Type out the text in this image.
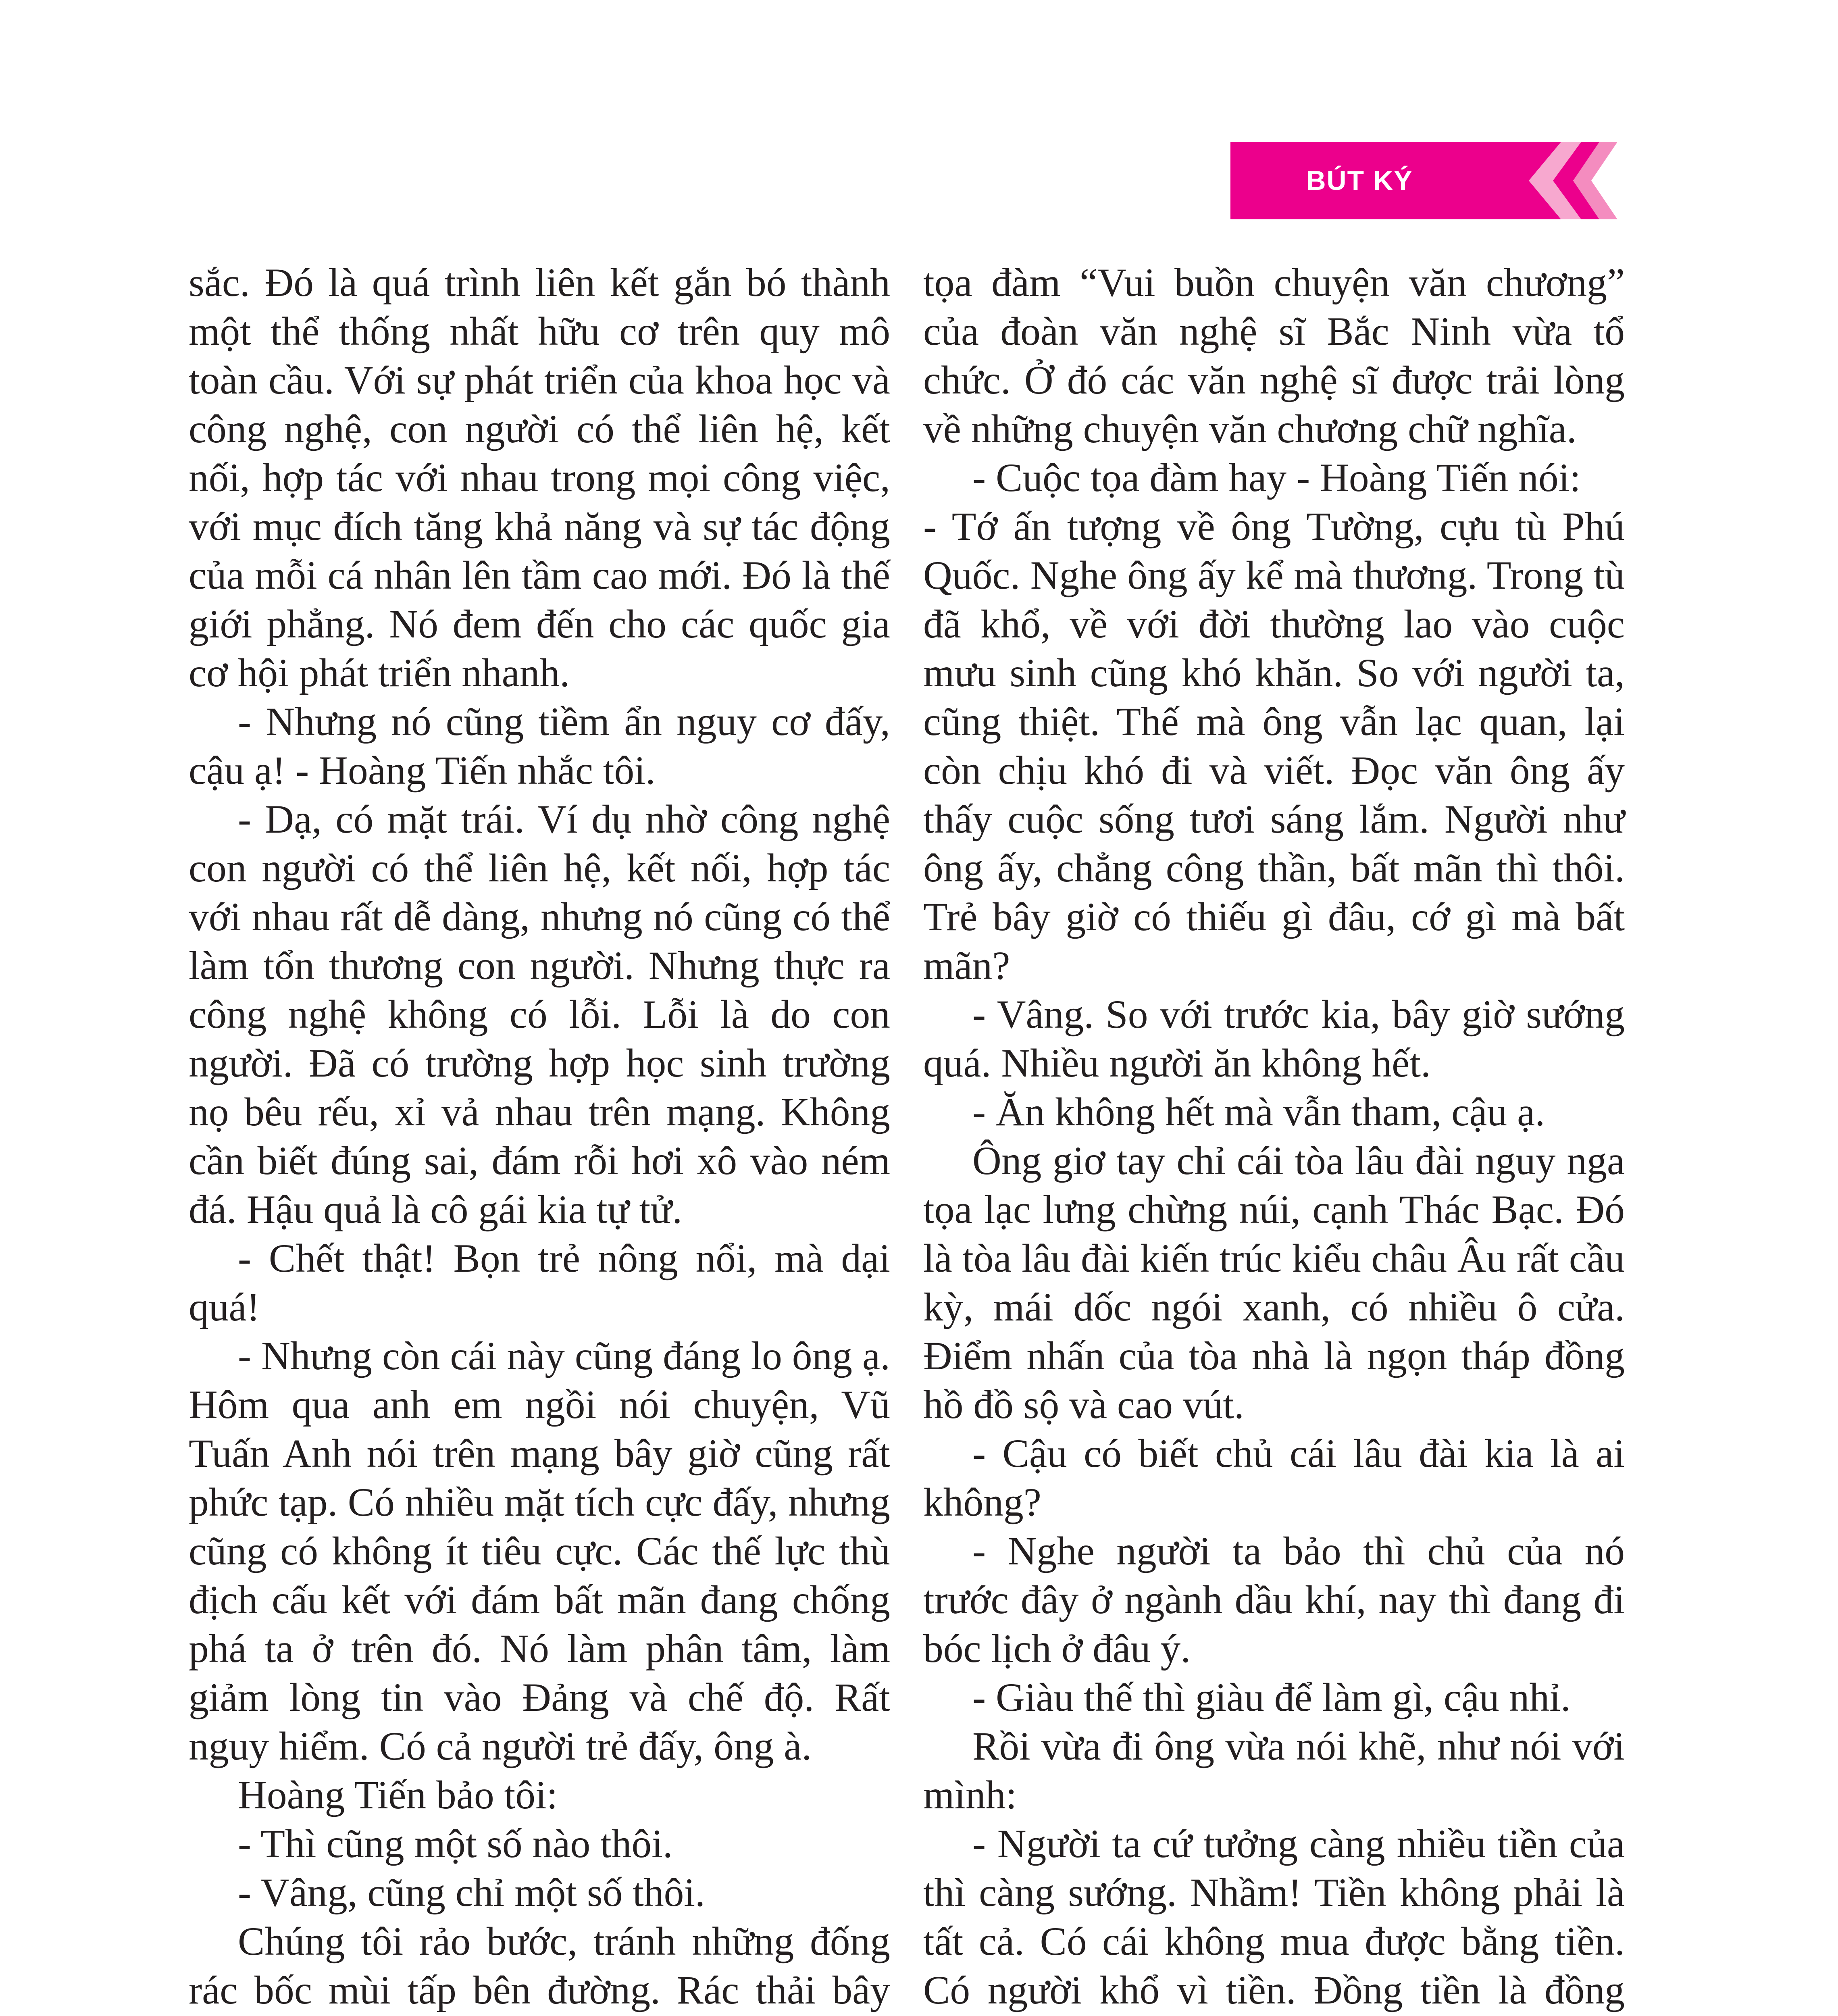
BÚT KÝ

sắc. Đó là quá trình liên kết gắn bó thành một thể thống nhất hữu cơ trên quy mô toàn cầu. Với sự phát triển của khoa học và công nghệ, con người có thể liên hệ, kết nối, hợp tác với nhau trong mọi công việc, với mục đích tăng khả năng và sự tác động của mỗi cá nhân lên tầm cao mới. Đó là thế giới phẳng. Nó đem đến cho các quốc gia cơ hội phát triển nhanh.

- Nhưng nó cũng tiềm ẩn nguy cơ đấy, cậu ạ! - Hoàng Tiến nhắc tôi.

- Dạ, có mặt trái. Ví dụ nhờ công nghệ con người có thể liên hệ, kết nối, hợp tác với nhau rất dễ dàng, nhưng nó cũng có thể làm tổn thương con người. Nhưng thực ra công nghệ không có lỗi. Lỗi là do con người. Đã có trường hợp học sinh trường nọ bêu rếu, xỉ vả nhau trên mạng. Không cần biết đúng sai, đám rỗi hơi xô vào ném đá. Hậu quả là cô gái kia tự tử.

- Chết thật! Bọn trẻ nông nổi, mà dại quá!

- Nhưng còn cái này cũng đáng lo ông ạ. Hôm qua anh em ngồi nói chuyện, Vũ Tuấn Anh nói trên mạng bây giờ cũng rất phức tạp. Có nhiều mặt tích cực đấy, nhưng cũng có không ít tiêu cực. Các thế lực thù địch cấu kết với đám bất mãn đang chống phá ta ở trên đó. Nó làm phân tâm, làm giảm lòng tin vào Đảng và chế độ. Rất nguy hiểm. Có cả người trẻ đấy, ông à.

Hoàng Tiến bảo tôi:

- Thì cũng một số nào thôi.

- Vâng, cũng chỉ một số thôi.

Chúng tôi rảo bước, tránh những đống rác bốc mùi tấp bên đường. Rác thải bây

tọa đàm “Vui buồn chuyện văn chương” của đoàn văn nghệ sĩ Bắc Ninh vừa tổ chức. Ở đó các văn nghệ sĩ được trải lòng về những chuyện văn chương chữ nghĩa.

- Cuộc tọa đàm hay - Hoàng Tiến nói:

- Tớ ấn tượng về ông Tường, cựu tù Phú Quốc. Nghe ông ấy kể mà thương. Trong tù đã khổ, về với đời thường lao vào cuộc mưu sinh cũng khó khăn. So với người ta, cũng thiệt. Thế mà ông vẫn lạc quan, lại còn chịu khó đi và viết. Đọc văn ông ấy thấy cuộc sống tươi sáng lắm. Người như ông ấy, chẳng công thần, bất mãn thì thôi. Trẻ bây giờ có thiếu gì đâu, cớ gì mà bất mãn?

- Vâng. So với trước kia, bây giờ sướng quá. Nhiều người ăn không hết.

- Ăn không hết mà vẫn tham, cậu ạ.

Ông giơ tay chỉ cái tòa lâu đài nguy nga tọa lạc lưng chừng núi, cạnh Thác Bạc. Đó là tòa lâu đài kiến trúc kiểu châu Âu rất cầu kỳ, mái dốc ngói xanh, có nhiều ô cửa. Điểm nhấn của tòa nhà là ngọn tháp đồng hồ đồ sộ và cao vút.

- Cậu có biết chủ cái lâu đài kia là ai không?

- Nghe người ta bảo thì chủ của nó trước đây ở ngành dầu khí, nay thì đang đi bóc lịch ở đâu ý.

- Giàu thế thì giàu để làm gì, cậu nhỉ.

Rồi vừa đi ông vừa nói khẽ, như nói với mình:

- Người ta cứ tưởng càng nhiều tiền của thì càng sướng. Nhầm! Tiền không phải là tất cả. Có cái không mua được bằng tiền. Có người khổ vì tiền. Đồng tiền là đồng
